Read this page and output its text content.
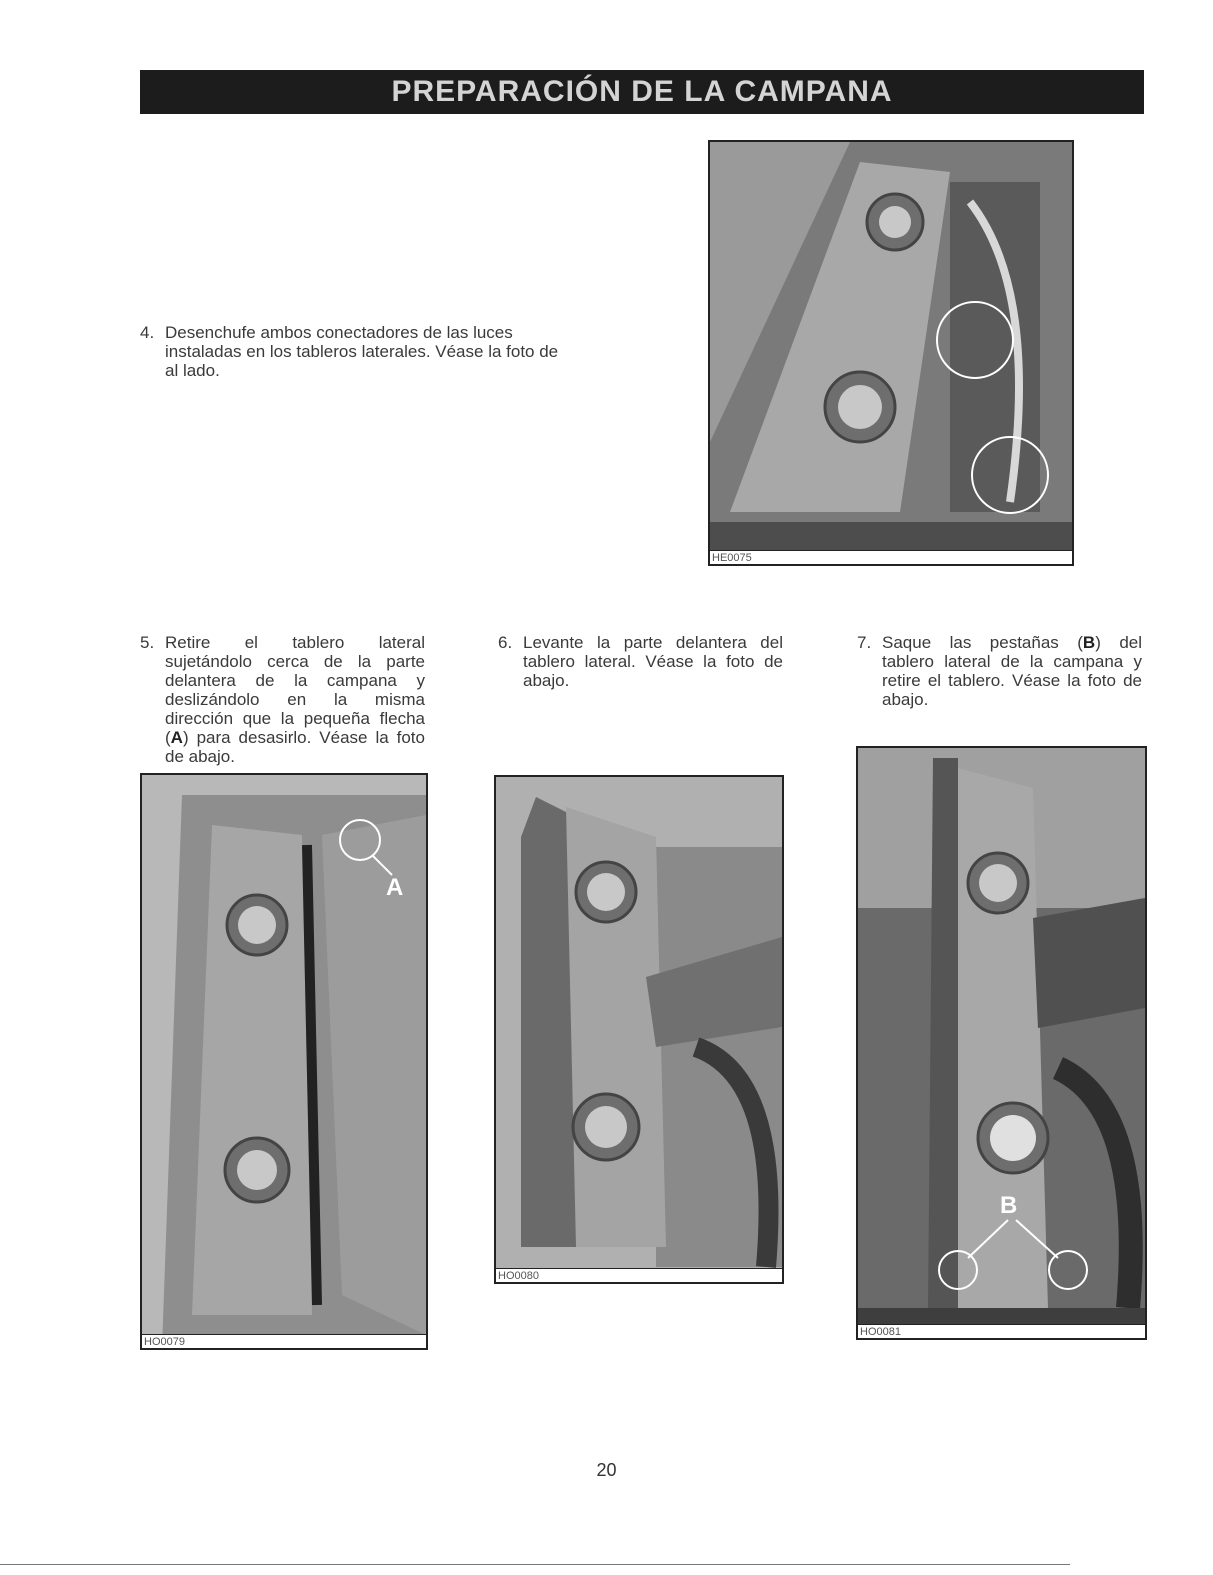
PREPARACIÓN DE LA CAMPANA
4. Desenchufe ambos conectadores de las luces instaladas en los tableros laterales. Véase la foto de al lado.
HE0075
5. Retire el tablero lateral sujetándolo cerca de la parte delantera de la campana y deslizándolo en la misma dirección que la pequeña flecha (A) para desasirlo. Véase la foto de abajo.
6. Levante la parte delantera del tablero lateral. Véase la foto de abajo.
7. Saque las pestañas (B) del tablero lateral de la campana y retire el tablero. Véase la foto de abajo.
A
HO0079
HO0080
B
HO0081
20
